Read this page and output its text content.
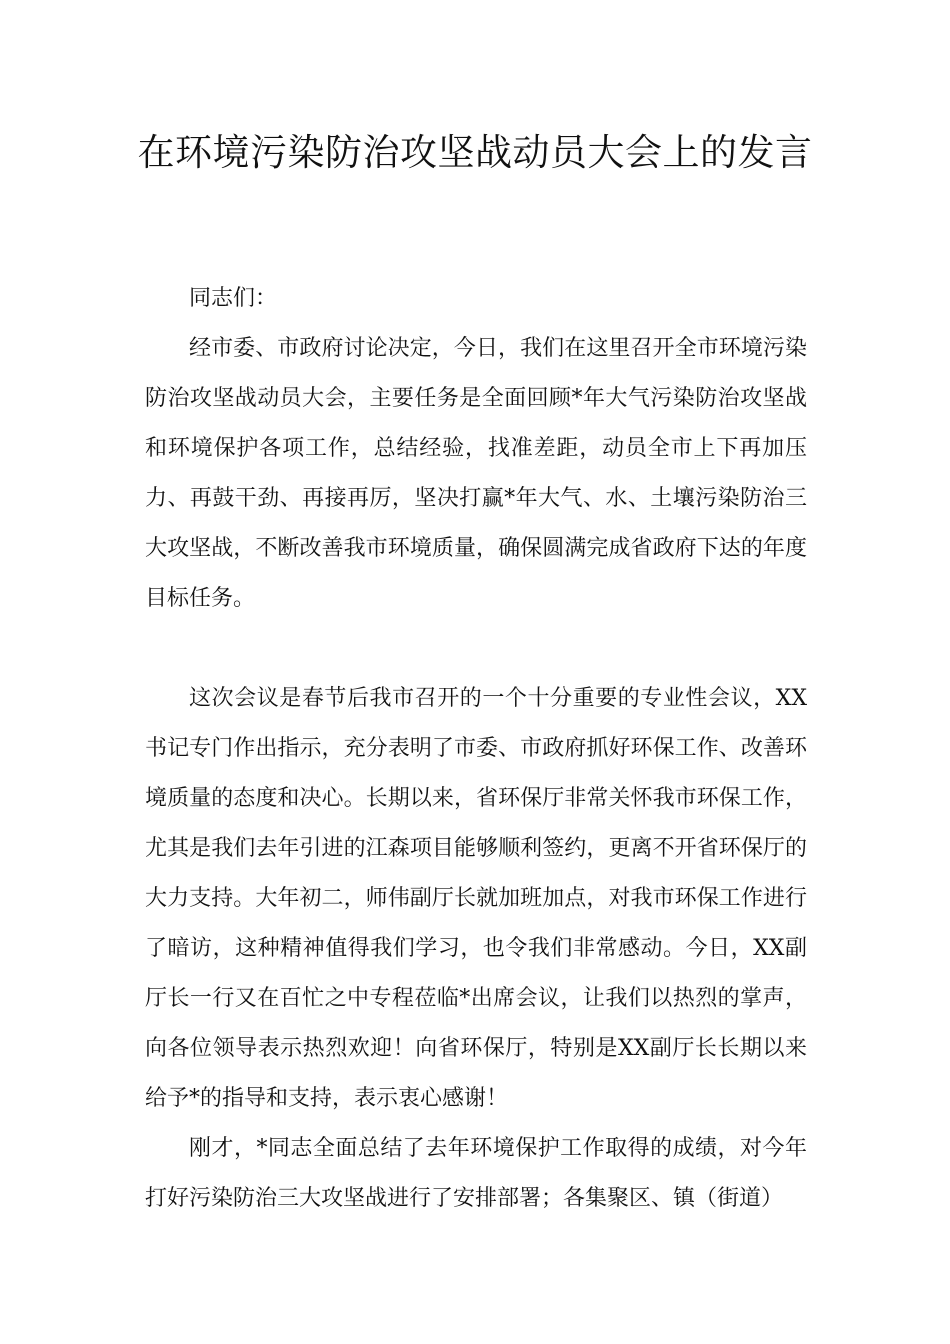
在环境污染防治攻坚战动员大会上的发言

同志们：

经市委、市政府讨论决定，今日，我们在这里召开全市环境污染防治攻坚战动员大会，主要任务是全面回顾*年大气污染防治攻坚战和环境保护各项工作，总结经验，找准差距，动员全市上下再加压力、再鼓干劲、再接再厉，坚决打赢*年大气、水、土壤污染防治三大攻坚战，不断改善我市环境质量，确保圆满完成省政府下达的年度目标任务。

这次会议是春节后我市召开的一个十分重要的专业性会议，XX书记专门作出指示，充分表明了市委、市政府抓好环保工作、改善环境质量的态度和决心。长期以来，省环保厅非常关怀我市环保工作，尤其是我们去年引进的江森项目能够顺利签约，更离不开省环保厅的大力支持。大年初二，师伟副厅长就加班加点，对我市环保工作进行了暗访，这种精神值得我们学习，也令我们非常感动。今日，XX副厅长一行又在百忙之中专程莅临*出席会议，让我们以热烈的掌声，向各位领导表示热烈欢迎！向省环保厅，特别是XX副厅长长期以来给予*的指导和支持，表示衷心感谢！

刚才，*同志全面总结了去年环境保护工作取得的成绩，对今年打好污染防治三大攻坚战进行了安排部署；各集聚区、镇（街道）
